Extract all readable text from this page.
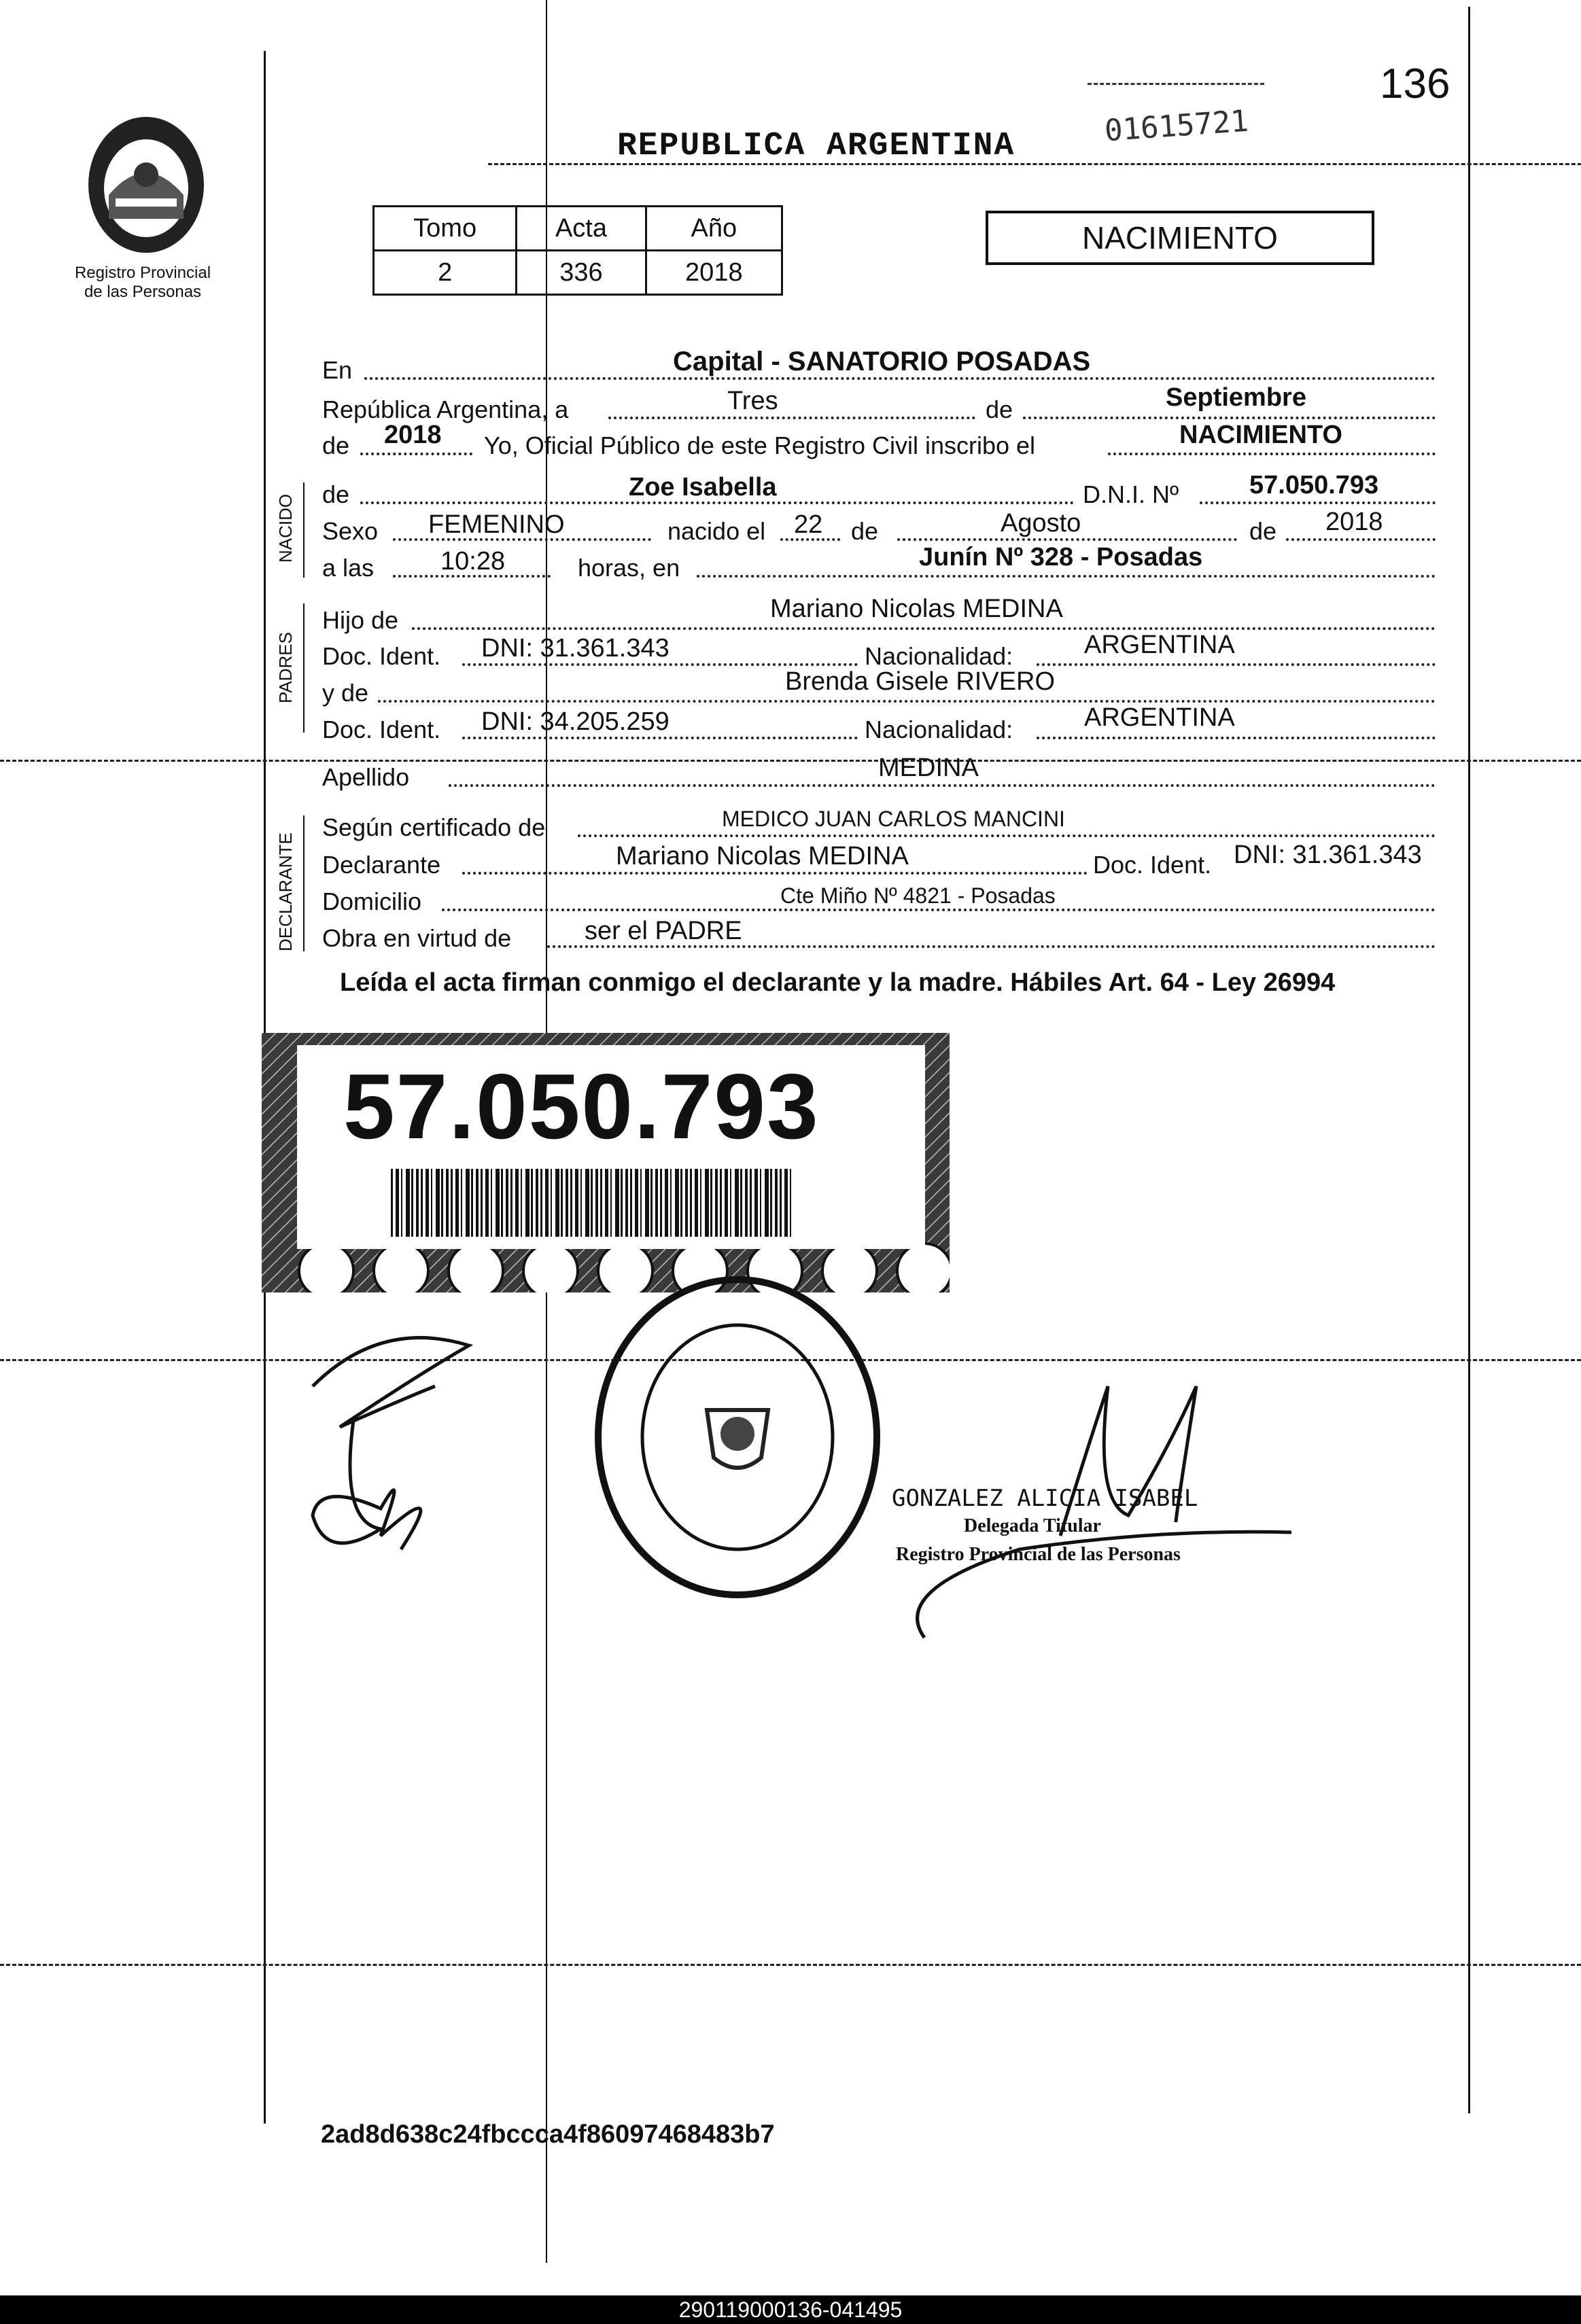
Registro Provincial
de las Personas
136
01615721
REPUBLICA ARGENTINA
Tomo	Acta	Año
2	336	2018
NACIMIENTO
En	Capital - SANATORIO POSADAS
República Argentina, a	Tres	de	Septiembre
de 2018 Yo, Oficial Público de este Registro Civil inscribo el	NACIMIENTO
NACIDO de	Zoe Isabella	D.N.I. Nº	57.050.793
Sexo FEMENINO	nacido el 22 de	Agosto	de 2018
a las	10:28	horas, en	Junín Nº 328 - Posadas
PADRES
Hijo de	Mariano Nicolas MEDINA
Doc. Ident. DNI: 31.361.343	Nacionalidad:	ARGENTINA
y de	Brenda Gisele RIVERO
Doc. Ident. DNI: 34.205.259	Nacionalidad:	ARGENTINA
Apellido	MEDINA
DECLARANTE
Según certificado de	MEDICO JUAN CARLOS MANCINI
Declarante	Mariano Nicolas MEDINA	Doc. Ident. DNI: 31.361.343
Domicilio	Cte Miño Nº 4821 - Posadas
Obra en virtud de	ser el PADRE
Leída el acta firman conmigo el declarante y la madre. Hábiles Art. 64 - Ley 26994
57.050.793
GONZALEZ ALICIA ISABEL
Delegada Titular
Registro Provincial de las Personas
2ad8d638c24fbccca4f86097468483b7
290119000136-041495
